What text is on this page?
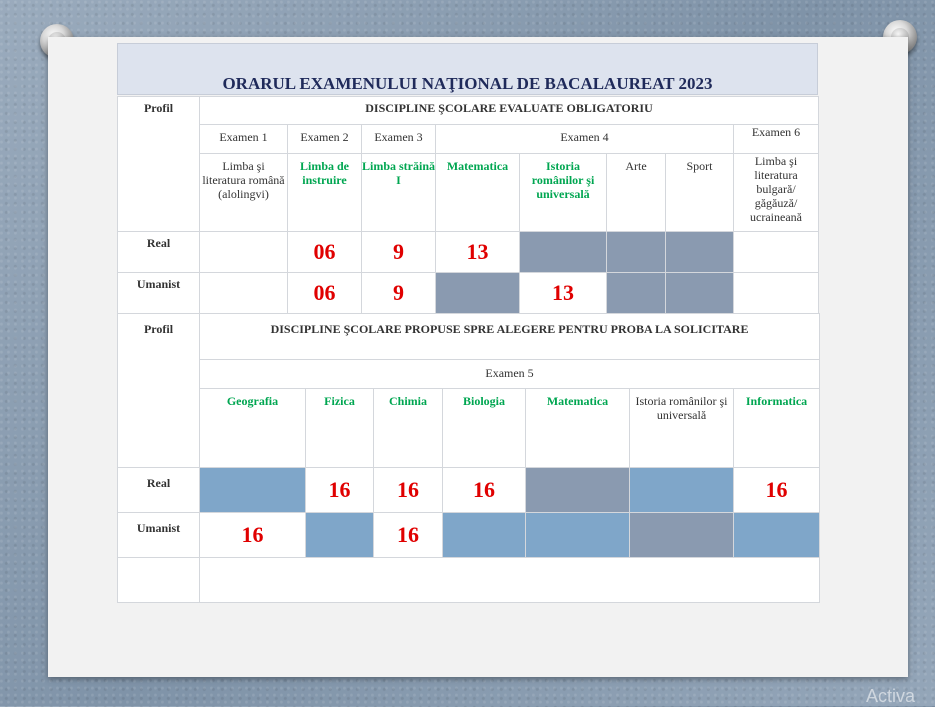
ORARUL EXAMENULUI NAŢIONAL DE BACALAUREAT 2023
Profil	DISCIPLINE ŞCOLARE EVALUATE OBLIGATORIU							
	Examen 1	Examen 2	Examen 3	Examen 4				Examen 6
	Limba şi literatura română (alolingvi)	Limba de instruire	Limba străină I	Matematica	Istoria românilor şi universală	Arte	Sport	Limba şi literatura bulgară/ găgăuză/ ucraineană
Real		06	9	13				
Umanist		06	9		13			
Profil	DISCIPLINE ŞCOLARE PROPUSE SPRE ALEGERE PENTRU PROBA LA SOLICITARE						
	Examen 5						
	Geografia	Fizica	Chimia	Biologia	Matematica	Istoria românilor şi universală	Informatica
Real		16	16	16			16
Umanist	16		16				

Activa
